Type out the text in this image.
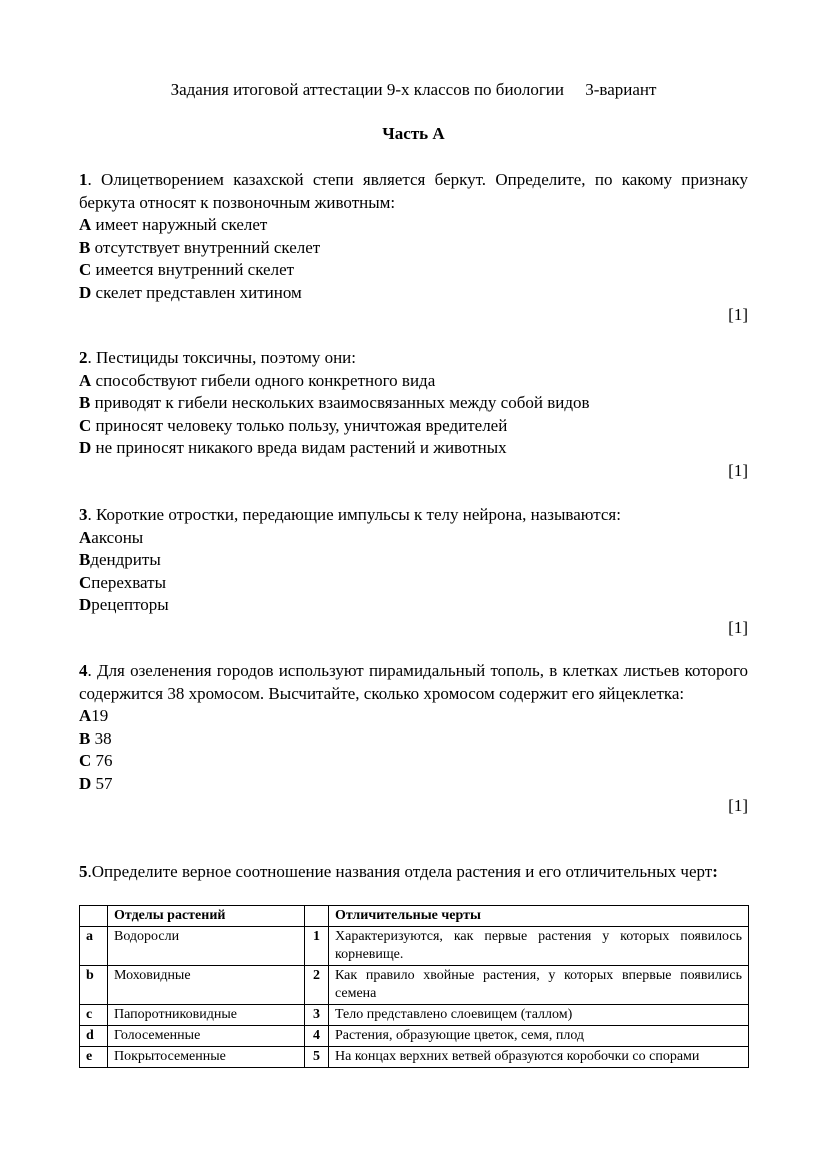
Задания итоговой аттестации 9-х классов по биологии     3-вариант
Часть А
1. Олицетворением казахской степи является беркут. Определите, по какому признаку беркута относят к позвоночным животным:
A имеет наружный скелет
B отсутствует внутренний скелет
C имеется внутренний скелет
D скелет представлен хитином
[1]
2. Пестициды токсичны, поэтому они:
A способствуют гибели одного конкретного вида
B приводят к гибели нескольких взаимосвязанных между собой видов
C приносят человеку только пользу, уничтожая вредителей
D не приносят никакого вреда видам растений и животных
[1]
3. Короткие отростки, передающие импульсы к телу нейрона, называются:
Aаксоны
Bдендриты
Cперехваты
Dрецепторы
[1]
4. Для озеленения городов используют пирамидальный тополь, в клетках листьев которого содержится 38 хромосом. Высчитайте, сколько хромосом содержит его яйцеклетка:
A19
B 38
C 76
D 57
[1]
5.Определите верное соотношение названия отдела растения и его отличительных черт:
	Отделы растений		Отличительные черты
a	Водоросли	1	Характеризуются, как первые растения у которых появилось корневище.
b	Моховидные	2	Как правило хвойные растения, у которых впервые появились семена
c	Папоротниковидные	3	Тело представлено слоевищем (таллом)
d	Голосеменные	4	Растения, образующие цветок, семя, плод
e	Покрытосеменные	5	На концах верхних ветвей образуются коробочки со спорами
